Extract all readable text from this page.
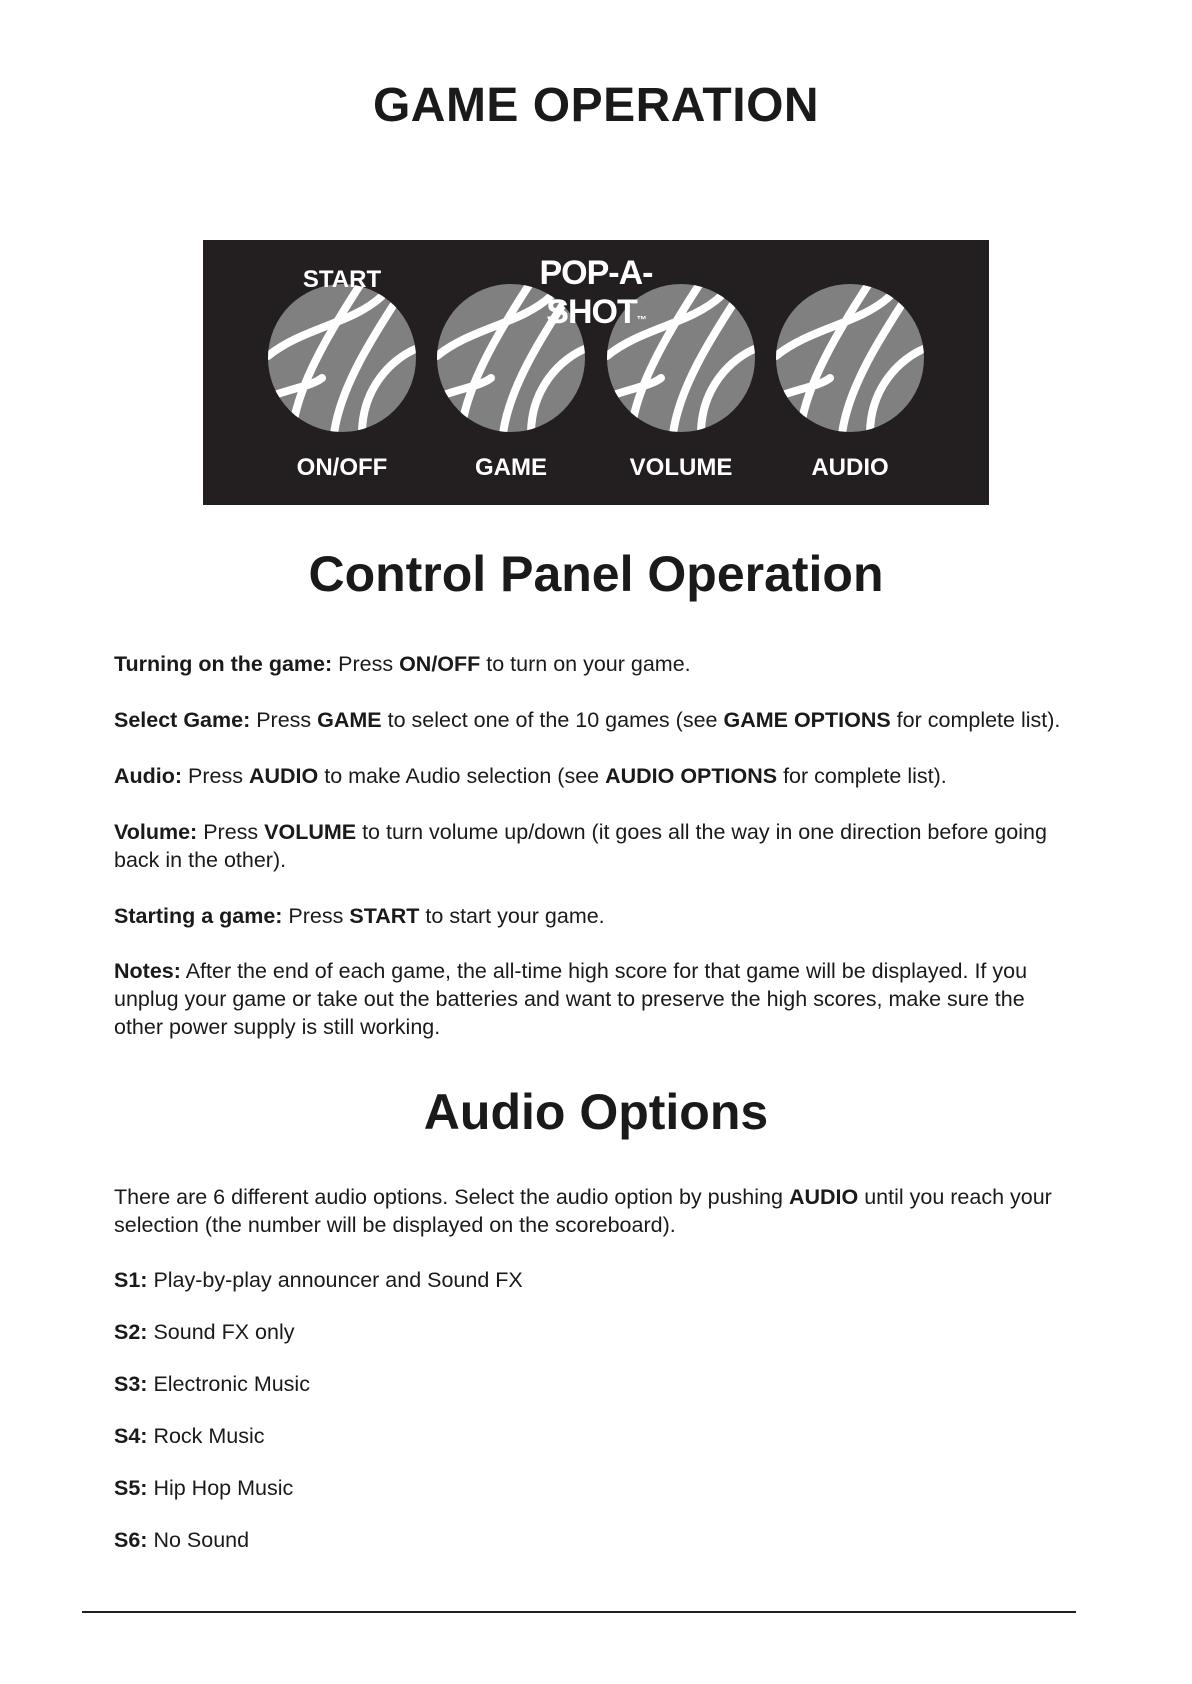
GAME OPERATION
START	POP-A-SHOT™
ON/OFF	GAME	VOLUME	AUDIO
Control Panel Operation

Turning on the game: Press ON/OFF to turn on your game.

Select Game: Press GAME to select one of the 10 games (see GAME OPTIONS for complete list).

Audio: Press AUDIO to make Audio selection (see AUDIO OPTIONS for complete list).

Volume: Press VOLUME to turn volume up/down (it goes all the way in one direction before going back in the other).

Starting a game: Press START to start your game.

Notes: After the end of each game, the all-time high score for that game will be displayed. If you unplug your game or take out the batteries and want to preserve the high scores, make sure the other power supply is still working.

Audio Options

There are 6 different audio options. Select the audio option by pushing AUDIO until you reach your selection (the number will be displayed on the scoreboard).

S1: Play-by-play announcer and Sound FX

S2: Sound FX only

S3: Electronic Music

S4: Rock Music

S5: Hip Hop Music

S6: No Sound
